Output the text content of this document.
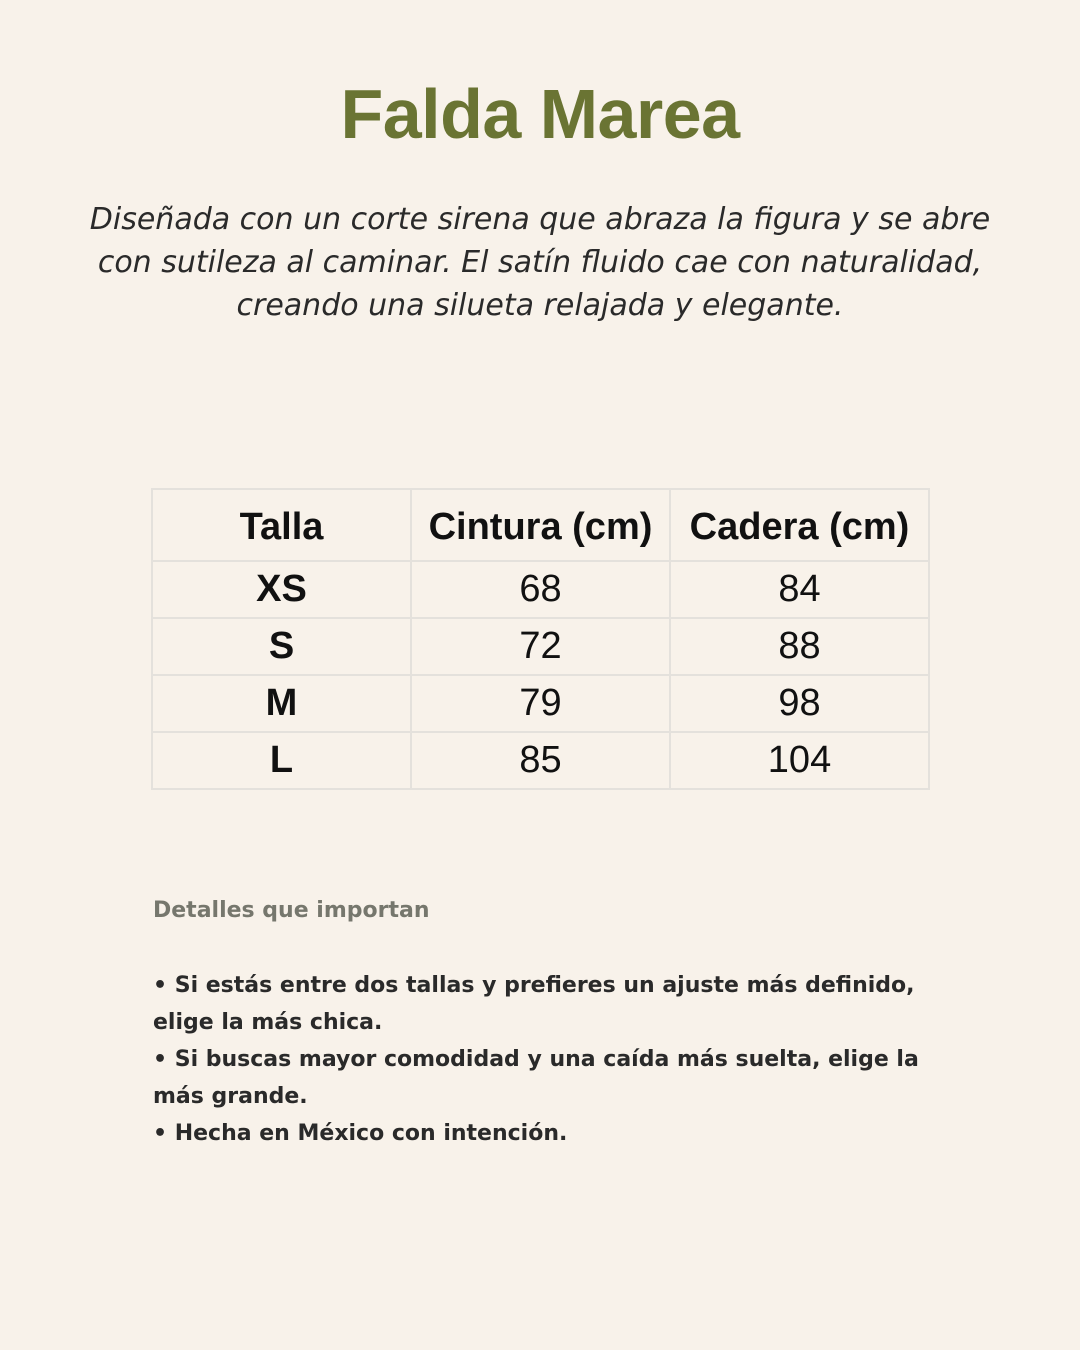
Falda Marea

Diseñada con un corte sirena que abraza la figura y se abre con sutileza al caminar. El satín fluido cae con naturalidad, creando una silueta relajada y elegante.

Talla	Cintura (cm)	Cadera (cm)
XS	68	84
S	72	88
M	79	98
L	85	104
Detalles que importan
• Si estás entre dos tallas y prefieres un ajuste más definido, elige la más chica.
• Si buscas mayor comodidad y una caída más suelta, elige la más grande.
• Hecha en México con intención.
